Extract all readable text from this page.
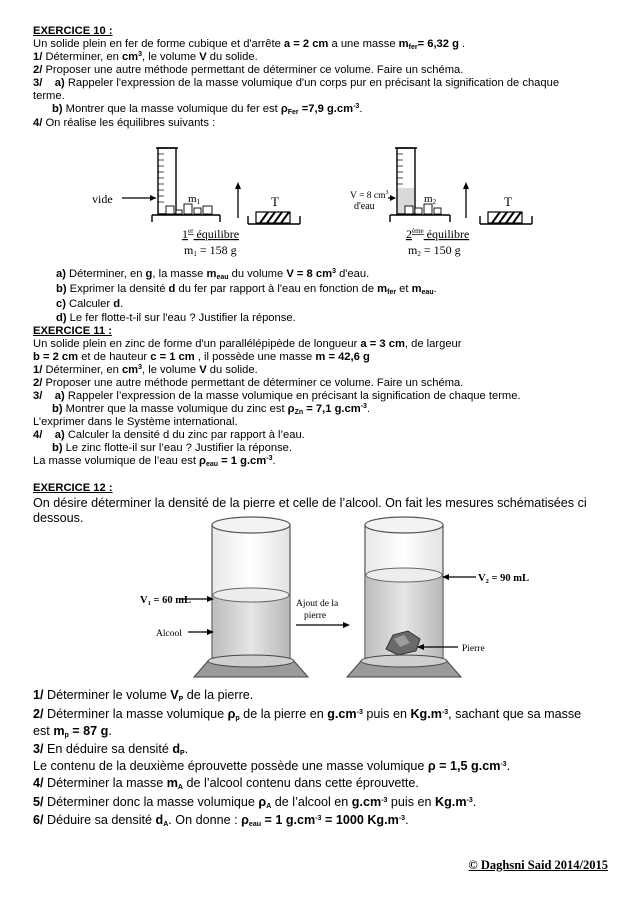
EXERCICE 10 :
Un solide plein en fer de forme cubique et d'arrête a = 2 cm a une masse $m_{fer}= 6,32$ g .
1/ Déterminer, en $cm^3$, le volume V du solide.
2/ Proposer une autre méthode permettant de déterminer ce volume. Faire un schéma.
3/ a) Rappeler l'expression de la masse volumique d'un corps pur en précisant la signification de chaque
terme.
b) Montrer que la masse volumique du fer est $\rho_{Fer} =7,9$ $g.cm^{-3}$.
4/ On réalise les équilibres suivants :
vide	m1	T
1er équilibre
m1 = 158 g
V = 8 $cm^3$
d'eau
m2	T
2ème équilibre
m2 = 150 g
a) Déterminer, en g, la masse $m_{eau}$ du volume V = 8 $cm^3$ d'eau.
b) Exprimer la densité d du fer par rapport à l'eau en fonction de $m_{fer}$ et $m_{eau}$.
c) Calculer d.
d) Le fer flotte-t-il sur l'eau ? Justifier la réponse.
EXERCICE 11 :
Un solide plein en zinc de forme d'un parallélépipède de longueur a = 3 cm, de largeur
b = 2 cm et de hauteur c = 1 cm , il possède une masse m = 42,6 g
1/ Déterminer, en $cm^3$, le volume V du solide.
2/ Proposer une autre méthode permettant de déterminer ce volume. Faire un schéma.
3/ a) Rappeler l’expression de la masse volumique en précisant la signification de chaque terme.
b) Montrer que la masse volumique du zinc est $\rho_{Zn} = 7,1$ $g.cm^{-3}$.
L’exprimer dans le Système international.
4/ a) Calculer la densité d du zinc par rapport à l’eau.
b) Le zinc flotte-il sur l’eau ? Justifier la réponse.
La masse volumique de l’eau est $\rho_{eau} = 1$ $g.cm^{-3}$.
EXERCICE 12 :
On désire déterminer la densité de la pierre et celle de l’alcool. On fait les mesures schématisées ci
dessous.
V1 = 60 mL
Alcool
Ajout de la
pierre
V2 = 90 mL
Pierre
1/ Déterminer le volume $V_P$ de la pierre.
2/ Déterminer la masse volumique $\rho_p$ de la pierre en $g.cm^{-3}$ puis en $Kg.m^{-3}$, sachant que sa masse
est $m_p = 87$ g.
3/ En déduire sa densité $d_P$.
Le contenu de la deuxième éprouvette possède une masse volumique ρ = 1,5 $g.cm^{-3}$.
4/ Déterminer la masse $m_A$ de l’alcool contenu dans cette éprouvette.
5/ Déterminer donc la masse volumique $\rho_A$ de l’alcool en $g.cm^{-3}$ puis en $Kg.m^{-3}$.
6/ Déduire sa densité $d_A$. On donne : $\rho_{eau} = 1$ $g.cm^{-3} = 1000$ $Kg.m^{-3}$.
© Daghsni Said 2014/2015
